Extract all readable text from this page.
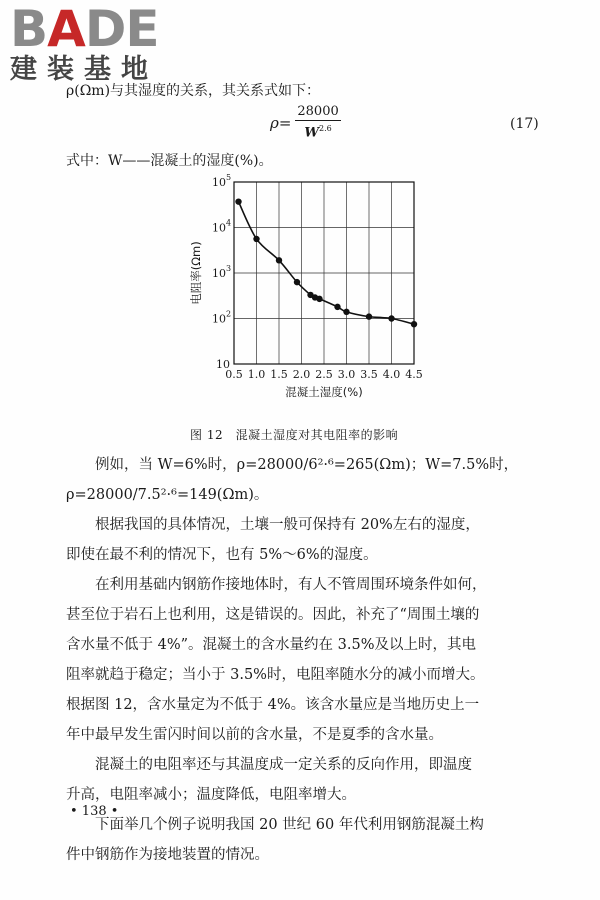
BADE
建装基地
ρ(Ωm)与其湿度的关系，其关系式如下：
$\rho= \frac{28000}{W^{2.6}}$	(17)
式中：W——混凝土的湿度(%)。
0.5 1.0 1.5 2.0 2.5 3.0 3.5 4.0 4.5
10 5
10 4
10 3
10 2
10
混凝土湿度(%)
电阻率(Ωm)
图 12　混凝土湿度对其电阻率的影响
例如，当 W=6%时，ρ=28000/6²·⁶=265(Ωm)；W=7.5%时，
ρ=28000/7.5²·⁶=149(Ωm)。
根据我国的具体情况，土壤一般可保持有 20%左右的湿度，
即使在最不利的情况下，也有 5%～6%的湿度。
在利用基础内钢筋作接地体时，有人不管周围环境条件如何，
甚至位于岩石上也利用，这是错误的。因此，补充了“周围土壤的
含水量不低于 4%”。混凝土的含水量约在 3.5%及以上时，其电
阻率就趋于稳定；当小于 3.5%时，电阻率随水分的减小而增大。
根据图 12，含水量定为不低于 4%。该含水量应是当地历史上一
年中最早发生雷闪时间以前的含水量，不是夏季的含水量。
混凝土的电阻率还与其温度成一定关系的反向作用，即温度
升高，电阻率减小；温度降低，电阻率增大。
下面举几个例子说明我国 20 世纪 60 年代利用钢筋混凝土构
件中钢筋作为接地装置的情况。
• 138 •
